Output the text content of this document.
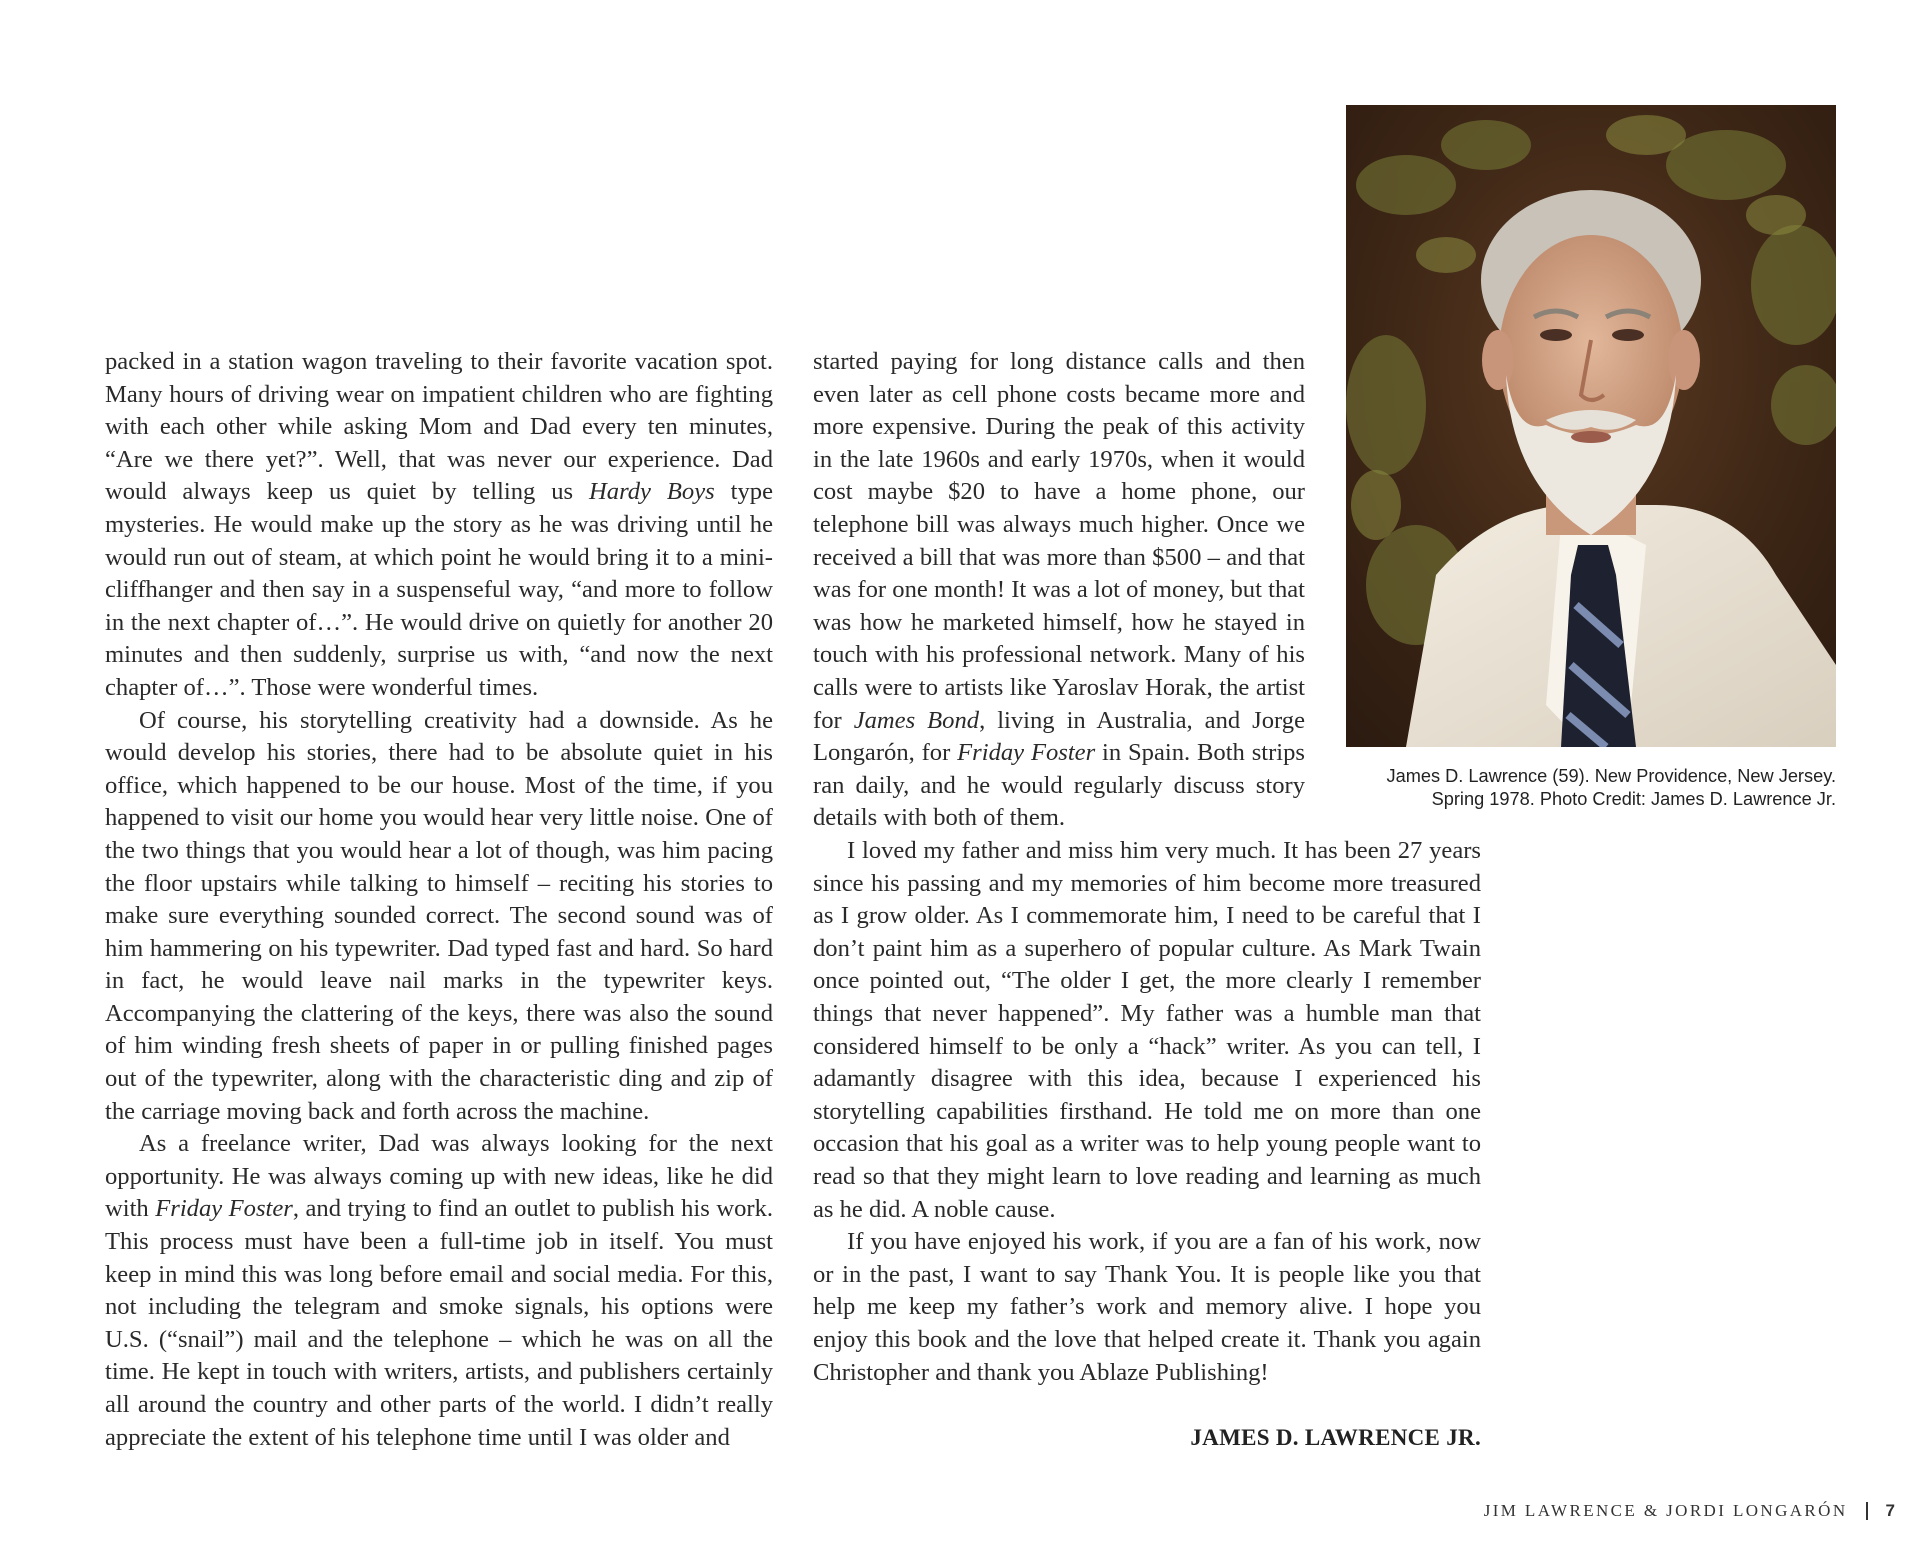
packed in a station wagon traveling to their favorite vacation spot. Many hours of driving wear on impatient children who are fighting with each other while asking Mom and Dad every ten minutes, “Are we there yet?”. Well, that was never our experience. Dad would always keep us quiet by telling us Hardy Boys type mysteries. He would make up the story as he was driving until he would run out of steam, at which point he would bring it to a mini-cliffhanger and then say in a suspenseful way, “and more to follow in the next chapter of…”. He would drive on quietly for another 20 minutes and then suddenly, surprise us with, “and now the next chapter of…”. Those were wonderful times.

Of course, his storytelling creativity had a downside. As he would develop his stories, there had to be absolute quiet in his office, which happened to be our house. Most of the time, if you happened to visit our home you would hear very little noise. One of the two things that you would hear a lot of though, was him pacing the floor upstairs while talking to himself – reciting his stories to make sure everything sounded correct. The second sound was of him hammering on his typewriter. Dad typed fast and hard. So hard in fact, he would leave nail marks in the typewriter keys. Accompanying the clattering of the keys, there was also the sound of him winding fresh sheets of paper in or pulling finished pages out of the typewriter, along with the characteristic ding and zip of the carriage moving back and forth across the machine.

As a freelance writer, Dad was always looking for the next opportunity. He was always coming up with new ideas, like he did with Friday Foster, and trying to find an outlet to publish his work. This process must have been a full-time job in itself. You must keep in mind this was long before email and social media. For this, not including the telegram and smoke signals, his options were U.S. (“snail”) mail and the telephone – which he was on all the time. He kept in touch with writers, artists, and publishers certainly all around the country and other parts of the world. I didn’t really appreciate the extent of his telephone time until I was older and

started paying for long distance calls and then even later as cell phone costs became more and more expensive. During the peak of this activity in the late 1960s and early 1970s, when it would cost maybe $20 to have a home phone, our telephone bill was always much higher. Once we received a bill that was more than $500 – and that was for one month! It was a lot of money, but that was how he marketed himself, how he stayed in touch with his professional network. Many of his calls were to artists like Yaroslav Horak, the artist for James Bond, living in Australia, and Jorge Longarón, for Friday Foster in Spain. Both strips ran daily, and he would regularly discuss story details with both of them.

I loved my father and miss him very much. It has been 27 years since his passing and my memories of him become more treasured as I grow older. As I commemorate him, I need to be careful that I don’t paint him as a superhero of popular culture. As Mark Twain once pointed out, “The older I get, the more clearly I remember things that never happened”. My father was a humble man that considered himself to be only a “hack” writer. As you can tell, I adamantly disagree with this idea, because I experienced his storytelling capabilities firsthand. He told me on more than one occasion that his goal as a writer was to help young people want to read so that they might learn to love reading and learning as much as he did. A noble cause.

If you have enjoyed his work, if you are a fan of his work, now or in the past, I want to say Thank You. It is people like you that help me keep my father’s work and memory alive. I hope you enjoy this book and the love that helped create it. Thank you again Christopher and thank you Ablaze Publishing!

JAMES D. LAWRENCE JR.
James D. Lawrence (59). New Providence, New Jersey.
Spring 1978. Photo Credit: James D. Lawrence Jr.
JIM LAWRENCE & JORDI LONGARÓN 7
